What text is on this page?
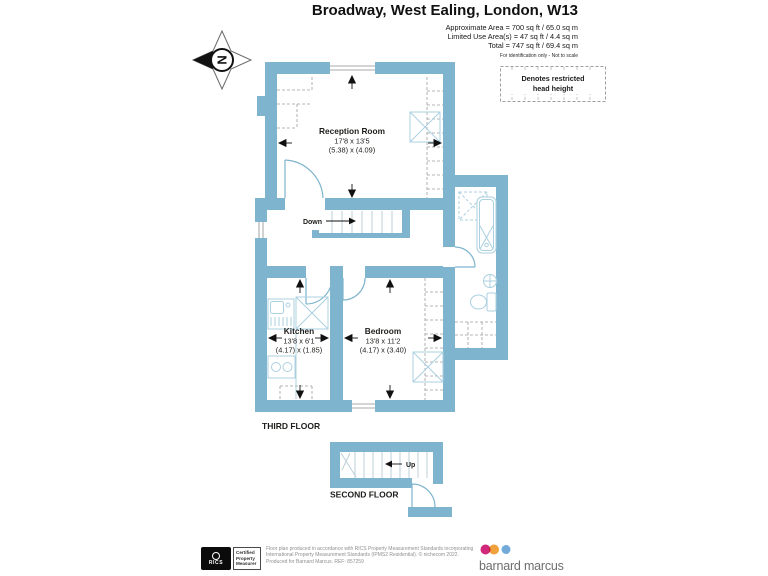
Broadway, West Ealing, London, W13
Approximate Area = 700 sq ft / 65.0 sq m
Limited Use Area(s) = 47 sq ft / 4.4 sq m
Total = 747 sq ft / 69.4 sq m
For identification only - Not to scale
N
Denotes restricted
head height
Reception Room
17'8 x 13'5
(5.38) x (4.09)
Kitchen
13'8 x 6'1
(4.17) x (1.85)
Bedroom
13'8 x 11'2
(4.17) x (3.40)
Down
THIRD FLOOR
Up
SECOND FLOOR
RICS
Certified
Property
Measurer
Floor plan produced in accordance with RICS Property Measurement Standards incorporating
International Property Measurement Standards (IPMS2 Residential). © nichecom 2022.
Produced for Barnard Marcus. REF: 857259	barnard marcus
